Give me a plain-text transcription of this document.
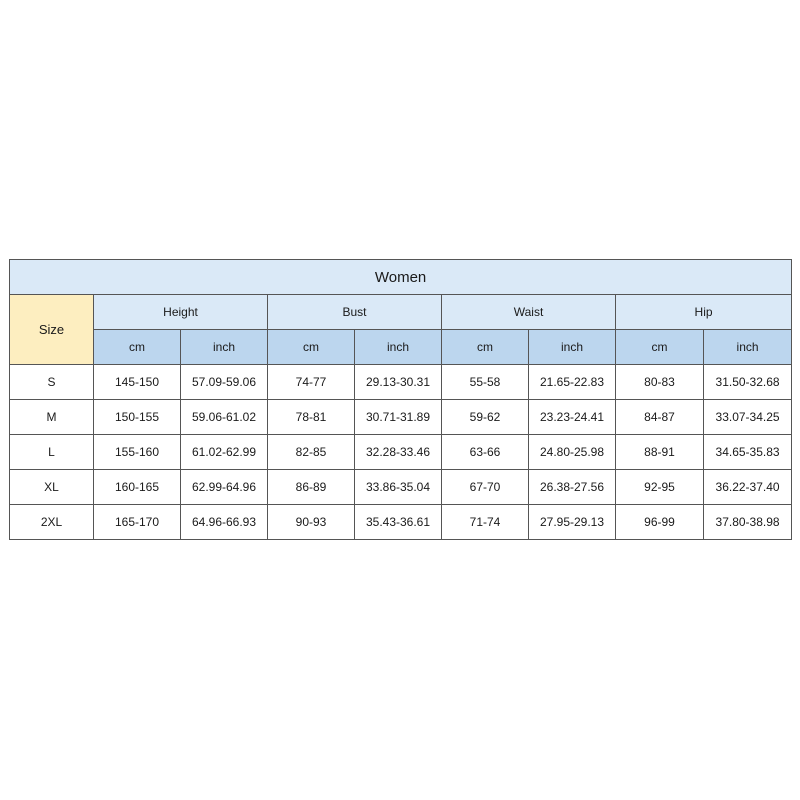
Women								
Size	Height		Bust		Waist		Hip	
	cm	inch	cm	inch	cm	inch	cm	inch
S	145-150	57.09-59.06	74-77	29.13-30.31	55-58	21.65-22.83	80-83	31.50-32.68
M	150-155	59.06-61.02	78-81	30.71-31.89	59-62	23.23-24.41	84-87	33.07-34.25
L	155-160	61.02-62.99	82-85	32.28-33.46	63-66	24.80-25.98	88-91	34.65-35.83
XL	160-165	62.99-64.96	86-89	33.86-35.04	67-70	26.38-27.56	92-95	36.22-37.40
2XL	165-170	64.96-66.93	90-93	35.43-36.61	71-74	27.95-29.13	96-99	37.80-38.98
